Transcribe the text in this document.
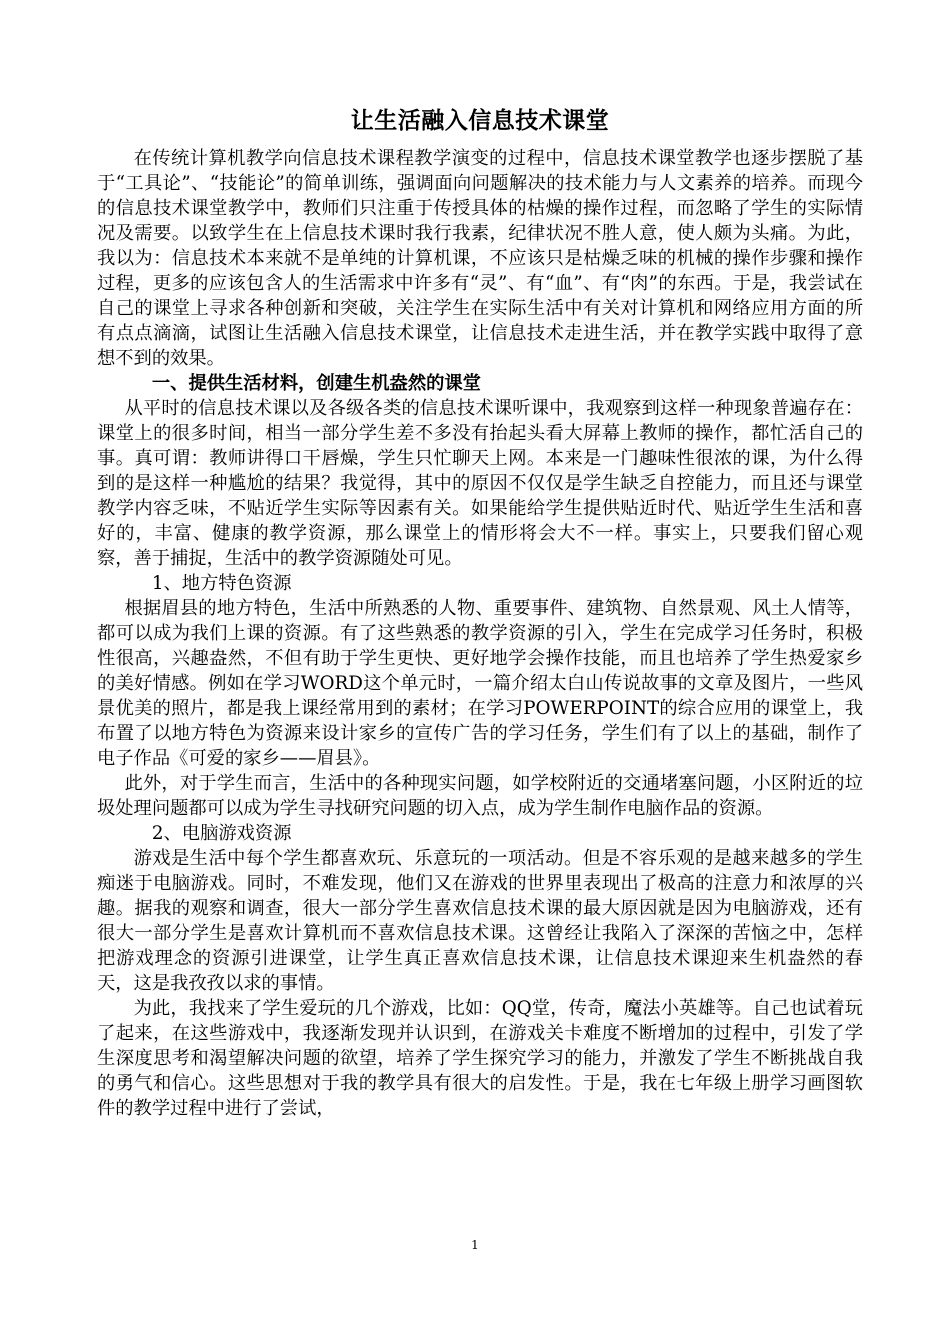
让生活融入信息技术课堂

在传统计算机教学向信息技术课程教学演变的过程中，信息技术课堂教学也逐步摆脱了基于“工具论”、“技能论”的简单训练，强调面向问题解决的技术能力与人文素养的培养。而现今的信息技术课堂教学中，教师们只注重于传授具体的枯燥的操作过程，而忽略了学生的实际情况及需要。以致学生在上信息技术课时我行我素，纪律状况不胜人意，使人颇为头痛。为此，我以为：信息技术本来就不是单纯的计算机课，不应该只是枯燥乏味的机械的操作步骤和操作过程，更多的应该包含人的生活需求中许多有“灵”、有“血”、有“肉”的东西。于是，我尝试在自己的课堂上寻求各种创新和突破，关注学生在实际生活中有关对计算机和网络应用方面的所有点点滴滴，试图让生活融入信息技术课堂，让信息技术走进生活，并在教学实践中取得了意想不到的效果。

一、提供生活材料，创建生机盎然的课堂

从平时的信息技术课以及各级各类的信息技术课听课中，我观察到这样一种现象普遍存在：课堂上的很多时间，相当一部分学生差不多没有抬起头看大屏幕上教师的操作，都忙活自己的事。真可谓：教师讲得口干唇燥，学生只忙聊天上网。本来是一门趣味性很浓的课，为什么得到的是这样一种尴尬的结果？我觉得，其中的原因不仅仅是学生缺乏自控能力，而且还与课堂教学内容乏味，不贴近学生实际等因素有关。如果能给学生提供贴近时代、贴近学生生活和喜好的，丰富、健康的教学资源，那么课堂上的情形将会大不一样。事实上，只要我们留心观察，善于捕捉，生活中的教学资源随处可见。

1、地方特色资源

根据眉县的地方特色，生活中所熟悉的人物、重要事件、建筑物、自然景观、风土人情等，都可以成为我们上课的资源。有了这些熟悉的教学资源的引入，学生在完成学习任务时，积极性很高，兴趣盎然，不但有助于学生更快、更好地学会操作技能，而且也培养了学生热爱家乡的美好情感。例如在学习WORD这个单元时，一篇介绍太白山传说故事的文章及图片，一些风景优美的照片，都是我上课经常用到的素材；在学习POWERPOINT的综合应用的课堂上，我布置了以地方特色为资源来设计家乡的宣传广告的学习任务，学生们有了以上的基础，制作了电子作品《可爱的家乡——眉县》。

此外，对于学生而言，生活中的各种现实问题，如学校附近的交通堵塞问题，小区附近的垃圾处理问题都可以成为学生寻找研究问题的切入点，成为学生制作电脑作品的资源。

2、电脑游戏资源

游戏是生活中每个学生都喜欢玩、乐意玩的一项活动。但是不容乐观的是越来越多的学生痴迷于电脑游戏。同时，不难发现，他们又在游戏的世界里表现出了极高的注意力和浓厚的兴趣。据我的观察和调查，很大一部分学生喜欢信息技术课的最大原因就是因为电脑游戏，还有很大一部分学生是喜欢计算机而不喜欢信息技术课。这曾经让我陷入了深深的苦恼之中，怎样把游戏理念的资源引进课堂，让学生真正喜欢信息技术课，让信息技术课迎来生机盎然的春天，这是我孜孜以求的事情。

为此，我找来了学生爱玩的几个游戏，比如：QQ堂，传奇，魔法小英雄等。自己也试着玩了起来，在这些游戏中，我逐渐发现并认识到，在游戏关卡难度不断增加的过程中，引发了学生深度思考和渴望解决问题的欲望，培养了学生探究学习的能力，并激发了学生不断挑战自我的勇气和信心。这些思想对于我的教学具有很大的启发性。于是，我在七年级上册学习画图软件的教学过程中进行了尝试，

1
